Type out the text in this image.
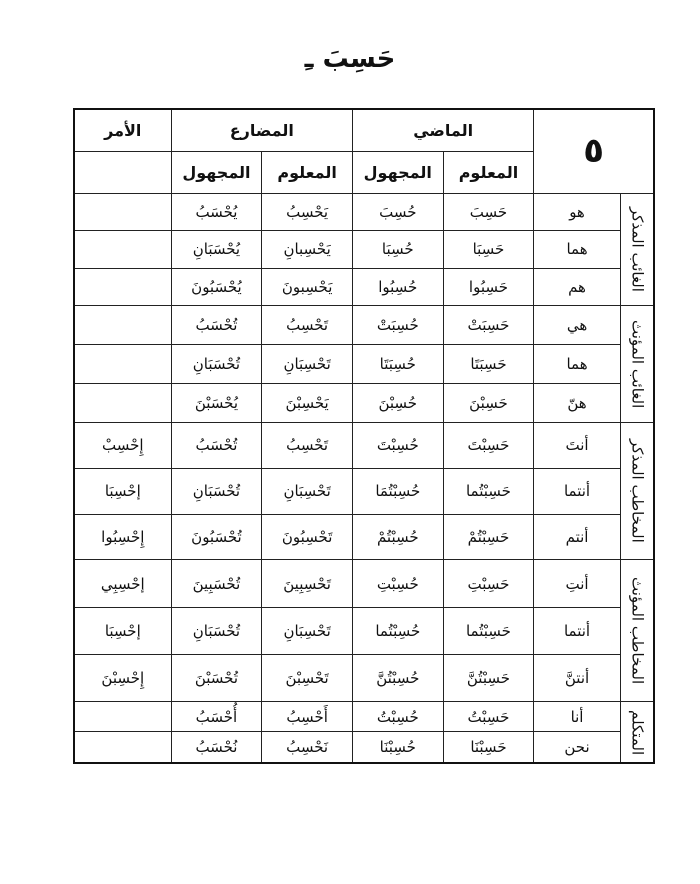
حَسِبَ ـِ
٥		الماضي		المضارع		الأمر
		المعلوم	المجهول	المعلوم	المجهول	
الغائب المذكر	هو	حَسِبَ	حُسِبَ	يَحْسِبُ	يُحْسَبُ	
	هما	حَسِبَا	حُسِبَا	يَحْسِبانِ	يُحْسَبَانِ	
	هم	حَسِبُوا	حُسِبُوا	يَحْسِبونَ	يُحْسَبُونَ	
الغائب المؤنث	هي	حَسِبَتْ	حُسِبَتْ	تَحْسِبُ	تُحْسَبُ	
	هما	حَسِبَتَا	حُسِبَتَا	تَحْسِبَانِ	تُحْسَبَانِ	
	هنّ	حَسِبْنَ	حُسِبْنَ	يَحْسِبْنَ	يُحْسَبْنَ	
المخاطب المذكر	أنتَ	حَسِبْتَ	حُسِبْتَ	تَحْسِبُ	تُحْسَبُ	إِحْسِبْ
	أنتما	حَسِبْتُما	حُسِبْتُمَا	تَحْسِبَانِ	تُحْسَبَانِ	إحْسِبَا
	أنتم	حَسِبْتُمْ	حُسِبْتُمْ	تَحْسِبُونَ	تُحْسَبُونَ	إِحْسِبُوا
المخاطب المؤنث	أنتِ	حَسِبْتِ	حُسِبْتِ	تَحْسِبِينَ	تُحْسَبِينَ	إحْسِبِي
	أنتما	حَسِبْتُما	حُسِبْتُما	تَحْسِبَانِ	تُحْسَبَانِ	إحْسِبَا
	أنتنَّ	حَسِبْتُنَّ	حُسِبْتُنَّ	تَحْسِبْنَ	تُحْسَبْنَ	إِحْسِبْنَ
المتكلم	أنا	حَسِبْتُ	حُسِبْتُ	أَحْسِبُ	أُحْسَبُ	
	نحن	حَسِبْنَا	حُسِبْنَا	نَحْسِبُ	نُحْسَبُ	
